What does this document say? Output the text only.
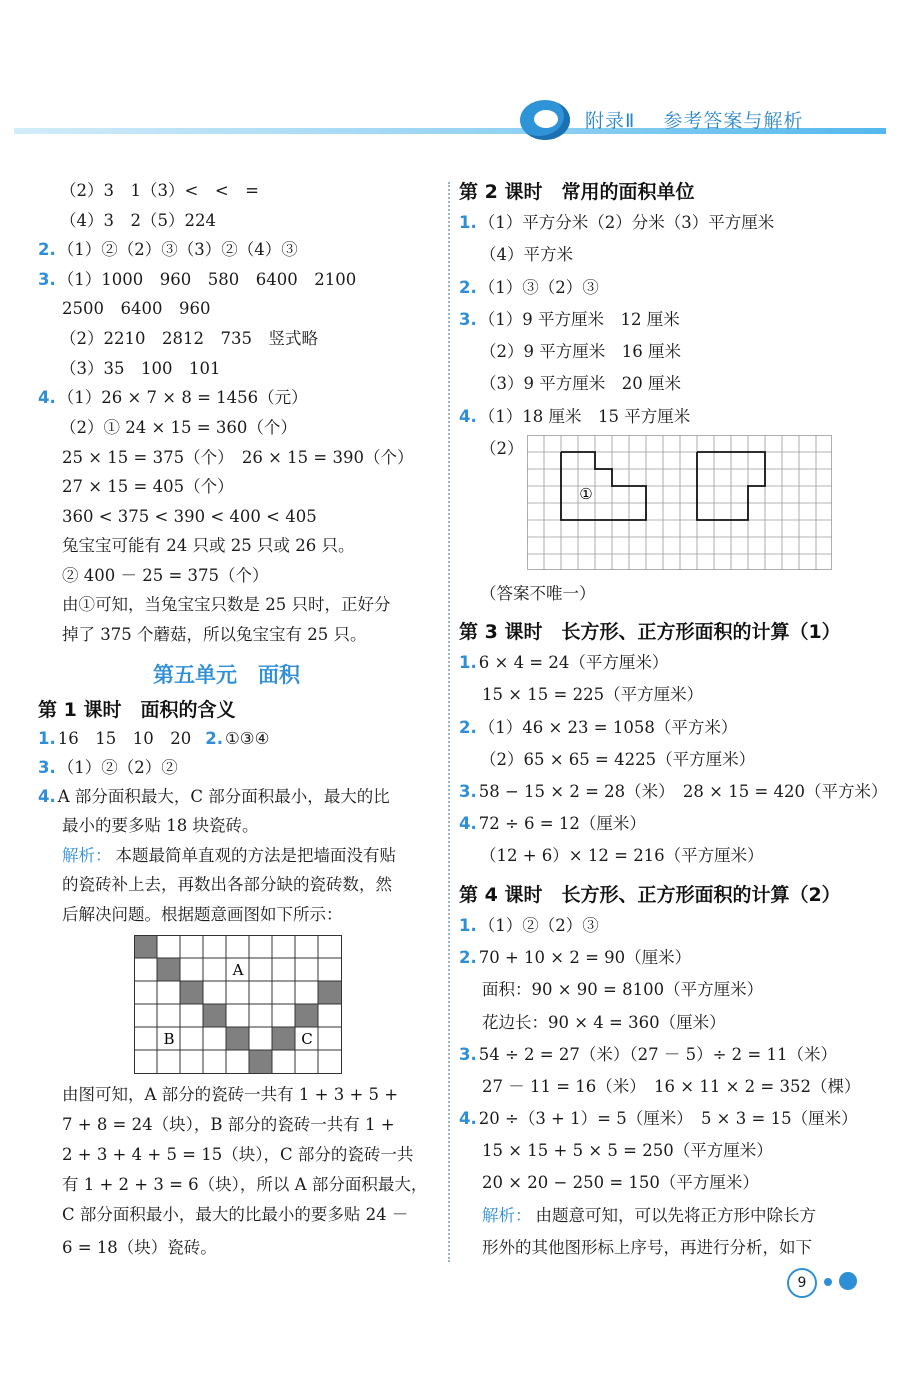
附录Ⅱ 参考答案与解析
（2）3　1（3）<　<　=
（4）3　2（5）224
2. （1）②（2）③（3）②（4）③
3. （1）1000　960　580　6400　2100
2500　6400　960
（2）2210　2812　735　竖式略
（3）35　100　101
4. （1）26 × 7 × 8 = 1456（元）
（2）① 24 × 15 = 360（个）
25 × 15 = 375（个）　26 × 15 = 390（个）
27 × 15 = 405（个）
360 < 375 < 390 < 400 < 405
兔宝宝可能有 24 只或 25 只或 26 只。
② 400 － 25 = 375（个）
由①可知，当兔宝宝只数是 25 只时，正好分
掉了 375 个蘑菇，所以兔宝宝有 25 只。
第五单元　面积
第 1 课时　面积的含义
1. 16　15　10　20 2. ①③④
3. （1）②（2）②
4. A 部分面积最大，C 部分面积最小，最大的比
最小的要多贴 18 块瓷砖。
解析： 本题最简单直观的方法是把墙面没有贴
的瓷砖补上去，再数出各部分缺的瓷砖数，然
后解决问题。根据题意画图如下所示：
A
B	C
由图可知，A 部分的瓷砖一共有 1 + 3 + 5 +
7 + 8 = 24（块），B 部分的瓷砖一共有 1 +
2 + 3 + 4 + 5 = 15（块），C 部分的瓷砖一共
有 1 + 2 + 3 = 6（块），所以 A 部分面积最大，
C 部分面积最小，最大的比最小的要多贴 24 －
6 = 18（块）瓷砖。
第 2 课时　常用的面积单位
1. （1）平方分米（2）分米（3）平方厘米
（4）平方米
2. （1）③（2）③
3. （1）9 平方厘米　12 厘米
（2）9 平方厘米　16 厘米
（3）9 平方厘米　20 厘米
4. （1）18 厘米　15 平方厘米
（2）
①
（答案不唯一）
第 3 课时　长方形、正方形面积的计算（1）
1. 6 × 4 = 24（平方厘米）
15 × 15 = 225（平方厘米）
2. （1）46 × 23 = 1058（平方米）
（2）65 × 65 = 4225（平方厘米）
3. 58 − 15 × 2 = 28（米）　28 × 15 = 420（平方米）
4. 72 ÷ 6 = 12（厘米）
（12 + 6）× 12 = 216（平方厘米）
第 4 课时　长方形、正方形面积的计算（2）
1. （1）②（2）③
2. 70 + 10 × 2 = 90（厘米）
面积：90 × 90 = 8100（平方厘米）
花边长：90 × 4 = 360（厘米）
3. 54 ÷ 2 = 27（米）（27 － 5）÷ 2 = 11（米）
27 － 11 = 16（米）　16 × 11 × 2 = 352（棵）
4. 20 ÷（3 + 1）= 5（厘米）　5 × 3 = 15（厘米）
15 × 15 + 5 × 5 = 250（平方厘米）
20 × 20 − 250 = 150（平方厘米）
解析： 由题意可知，可以先将正方形中除长方
形外的其他图形标上序号，再进行分析，如下
9
